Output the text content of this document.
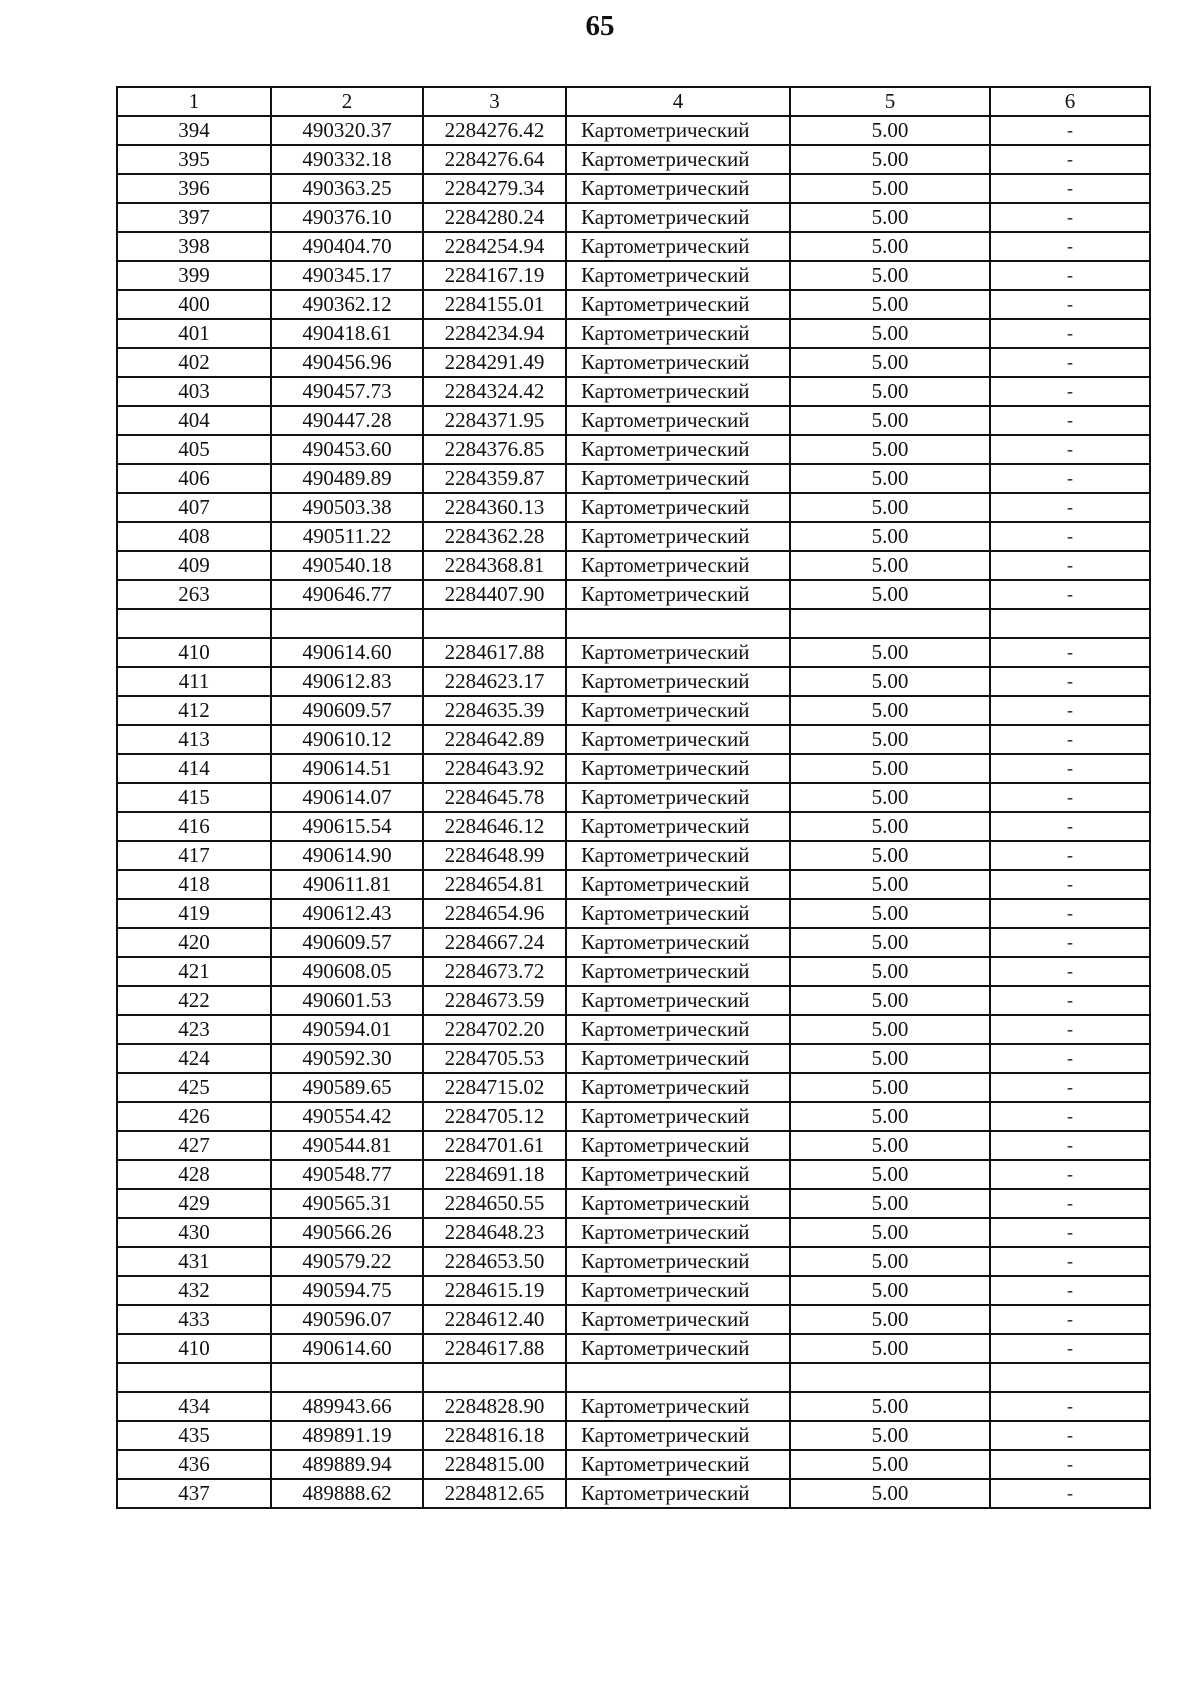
65
1	2	3	4	5	6
394	490320.37	2284276.42	Картометрический	5.00	-
395	490332.18	2284276.64	Картометрический	5.00	-
396	490363.25	2284279.34	Картометрический	5.00	-
397	490376.10	2284280.24	Картометрический	5.00	-
398	490404.70	2284254.94	Картометрический	5.00	-
399	490345.17	2284167.19	Картометрический	5.00	-
400	490362.12	2284155.01	Картометрический	5.00	-
401	490418.61	2284234.94	Картометрический	5.00	-
402	490456.96	2284291.49	Картометрический	5.00	-
403	490457.73	2284324.42	Картометрический	5.00	-
404	490447.28	2284371.95	Картометрический	5.00	-
405	490453.60	2284376.85	Картометрический	5.00	-
406	490489.89	2284359.87	Картометрический	5.00	-
407	490503.38	2284360.13	Картометрический	5.00	-
408	490511.22	2284362.28	Картометрический	5.00	-
409	490540.18	2284368.81	Картометрический	5.00	-
263	490646.77	2284407.90	Картометрический	5.00	-

410	490614.60	2284617.88	Картометрический	5.00	-
411	490612.83	2284623.17	Картометрический	5.00	-
412	490609.57	2284635.39	Картометрический	5.00	-
413	490610.12	2284642.89	Картометрический	5.00	-
414	490614.51	2284643.92	Картометрический	5.00	-
415	490614.07	2284645.78	Картометрический	5.00	-
416	490615.54	2284646.12	Картометрический	5.00	-
417	490614.90	2284648.99	Картометрический	5.00	-
418	490611.81	2284654.81	Картометрический	5.00	-
419	490612.43	2284654.96	Картометрический	5.00	-
420	490609.57	2284667.24	Картометрический	5.00	-
421	490608.05	2284673.72	Картометрический	5.00	-
422	490601.53	2284673.59	Картометрический	5.00	-
423	490594.01	2284702.20	Картометрический	5.00	-
424	490592.30	2284705.53	Картометрический	5.00	-
425	490589.65	2284715.02	Картометрический	5.00	-
426	490554.42	2284705.12	Картометрический	5.00	-
427	490544.81	2284701.61	Картометрический	5.00	-
428	490548.77	2284691.18	Картометрический	5.00	-
429	490565.31	2284650.55	Картометрический	5.00	-
430	490566.26	2284648.23	Картометрический	5.00	-
431	490579.22	2284653.50	Картометрический	5.00	-
432	490594.75	2284615.19	Картометрический	5.00	-
433	490596.07	2284612.40	Картометрический	5.00	-
410	490614.60	2284617.88	Картометрический	5.00	-

434	489943.66	2284828.90	Картометрический	5.00	-
435	489891.19	2284816.18	Картометрический	5.00	-
436	489889.94	2284815.00	Картометрический	5.00	-
437	489888.62	2284812.65	Картометрический	5.00	-
